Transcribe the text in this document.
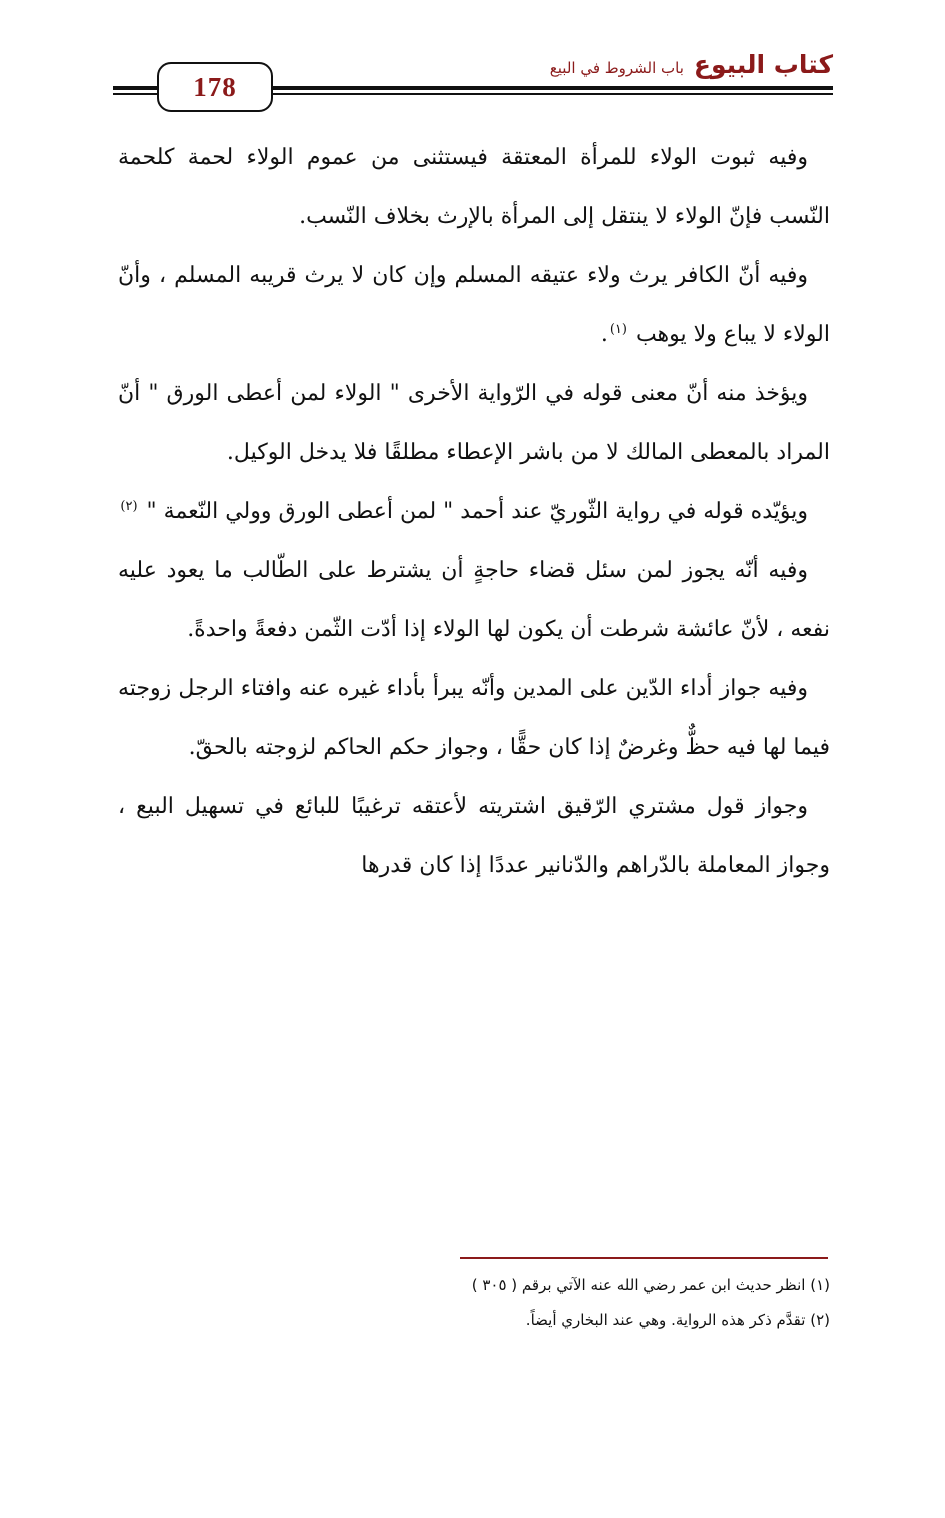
178
كتاب البيوع
باب الشروط في البيع

وفيه ثبوت الولاء للمرأة المعتقة فيستثنى من عموم الولاء لحمة كلحمة النّسب فإنّ الولاء لا ينتقل إلى المرأة بالإرث بخلاف النّسب.

وفيه أنّ الكافر يرث ولاء عتيقه المسلم وإن كان لا يرث قريبه المسلم ، وأنّ الولاء لا يباع ولا يوهب $^{(١)}$.

ويؤخذ منه أنّ معنى قوله في الرّواية الأخرى " الولاء لمن أعطى الورق " أنّ المراد بالمعطى المالك لا من باشر الإعطاء مطلقًا فلا يدخل الوكيل.

ويؤيّده قوله في رواية الثّوريّ عند أحمد " لمن أعطى الورق وولي النّعمة " $^{(٢)}$

وفيه أنّه يجوز لمن سئل قضاء حاجةٍ أن يشترط على الطّالب ما يعود عليه نفعه ، لأنّ عائشة شرطت أن يكون لها الولاء إذا أدّت الثّمن دفعةً واحدةً.

وفيه جواز أداء الدّين على المدين وأنّه يبرأ بأداء غيره عنه وافتاء الرجل زوجته فيما لها فيه حظٌّ وغرضٌ إذا كان حقًّا ، وجواز حكم الحاكم لزوجته بالحقّ.

وجواز قول مشتري الرّقيق اشتريته لأعتقه ترغيبًا للبائع في تسهيل البيع ، وجواز المعاملة بالدّراهم والدّنانير عددًا إذا كان قدرها

(١) انظر حديث ابن عمر رضي الله عنه الآتي برقم ( ٣٠٥ )

(٢) تقدَّم ذكر هذه الرواية. وهي عند البخاري أيضاً.
